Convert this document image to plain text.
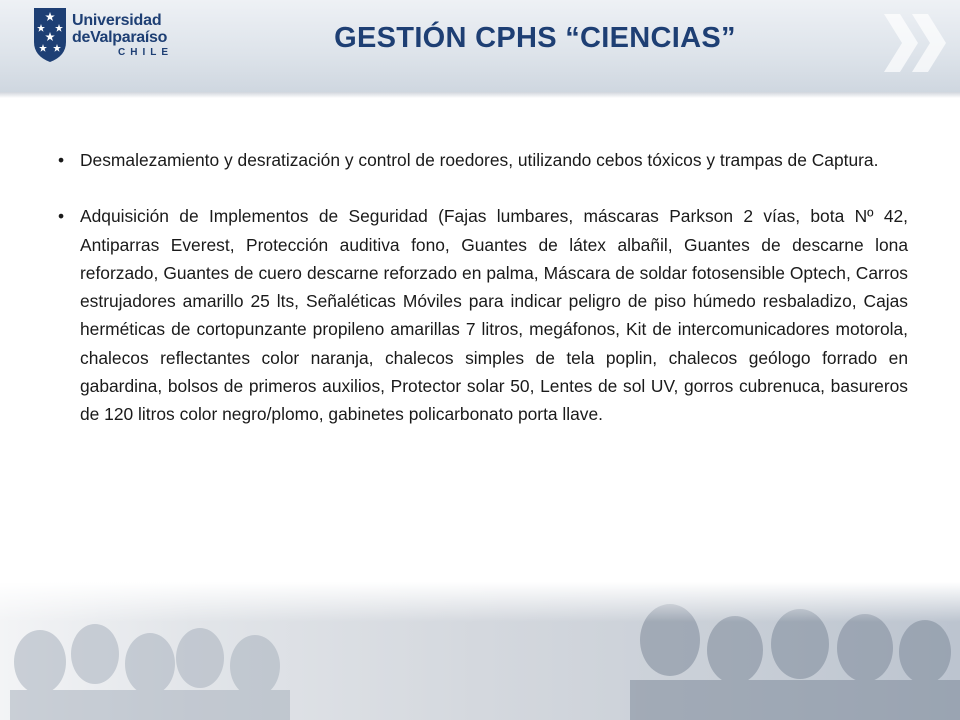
Universidad
deValparaíso
CHILE	GESTIÓN CPHS “CIENCIAS”
• Desmalezamiento y desratización y control de roedores, utilizando cebos tóxicos y trampas de Captura.
• Adquisición de Implementos de Seguridad (Fajas lumbares, máscaras Parkson 2 vías, bota Nº 42, Antiparras Everest, Protección auditiva fono, Guantes de látex albañil, Guantes de descarne lona reforzado, Guantes de cuero descarne reforzado en palma, Máscara de soldar fotosensible Optech, Carros estrujadores amarillo 25 lts, Señaléticas Móviles para indicar peligro de piso húmedo resbaladizo, Cajas herméticas de cortopunzante propileno amarillas 7 litros, megáfonos, Kit de intercomunicadores motorola, chalecos reflectantes color naranja, chalecos simples de tela poplin, chalecos geólogo forrado en gabardina, bolsos de primeros auxilios, Protector solar 50, Lentes de sol UV, gorros cubrenuca, basureros de 120 litros color negro/plomo, gabinetes policarbonato porta llave.
